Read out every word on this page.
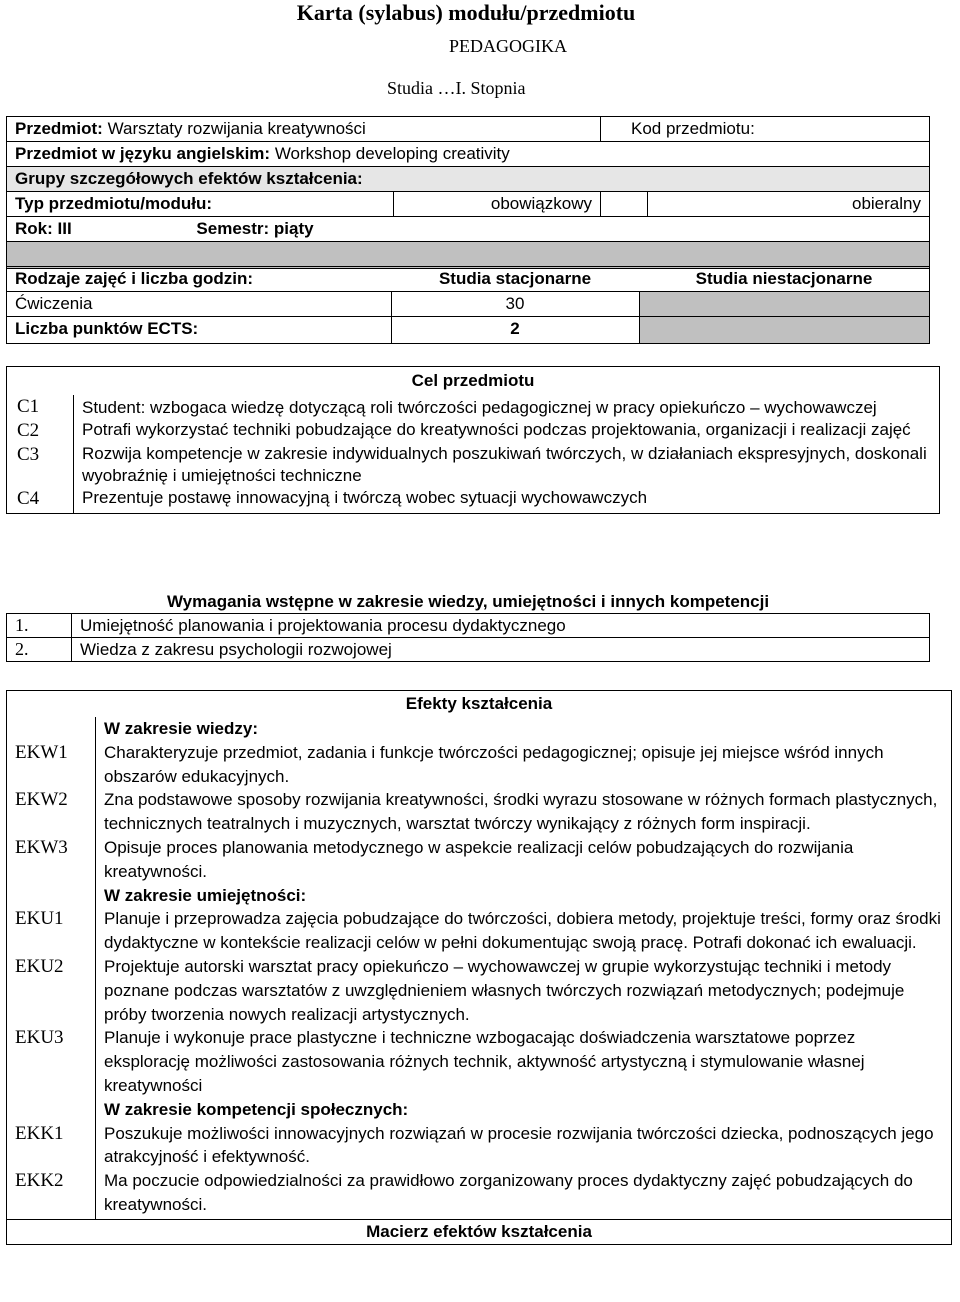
Karta (sylabus) modułu/przedmiotu
PEDAGOGIKA
Studia …I. Stopnia
Przedmiot: Warsztaty rozwijania kreatywności		Kod przedmiotu:	
Przedmiot w języku angielskim: Workshop developing creativity			
Grupy szczegółowych efektów kształcenia:			
Typ przedmiotu/modułu:	obowiązkowy		obieralny
Rok: III Semestr: piąty			

Rodzaje zajęć i liczba godzin:	Studia stacjonarne	Studia niestacjonarne
Ćwiczenia	30	
Liczba punktów ECTS:	2	
Cel przedmiotu	
C1	Student: wzbogaca wiedzę dotyczącą roli twórczości pedagogicznej w pracy opiekuńczo – wychowawczej
C2	Potrafi wykorzystać techniki pobudzające do kreatywności podczas projektowania, organizacji i realizacji zajęć
C3	Rozwija kompetencje w zakresie indywidualnych poszukiwań twórczych, w działaniach ekspresyjnych, doskonali wyobraźnię i umiejętności techniczne
C4	Prezentuje postawę innowacyjną i twórczą wobec sytuacji wychowawczych
Wymagania wstępne w zakresie wiedzy, umiejętności i innych kompetencji	
1.	Umiejętność planowania i projektowania procesu dydaktycznego
2.	Wiedza z zakresu psychologii rozwojowej
Efekty kształcenia	
	W zakresie wiedzy:
EKW1	Charakteryzuje przedmiot, zadania i funkcje twórczości pedagogicznej; opisuje jej miejsce wśród innych obszarów edukacyjnych.
EKW2	Zna podstawowe sposoby rozwijania kreatywności, środki wyrazu stosowane w różnych formach plastycznych, technicznych teatralnych i muzycznych, warsztat twórczy wynikający z różnych form inspiracji.
EKW3	Opisuje proces planowania metodycznego w aspekcie realizacji celów pobudzających do rozwijania kreatywności.
	W zakresie umiejętności:
EKU1	Planuje i przeprowadza zajęcia pobudzające do twórczości, dobiera metody, projektuje treści, formy oraz środki dydaktyczne w kontekście realizacji celów w pełni dokumentując swoją pracę. Potrafi dokonać ich ewaluacji.
EKU2	Projektuje autorski warsztat pracy opiekuńczo – wychowawczej w grupie wykorzystując techniki i metody poznane podczas warsztatów z uwzględnieniem własnych twórczych rozwiązań metodycznych; podejmuje próby tworzenia nowych realizacji artystycznych.
EKU3	Planuje i wykonuje prace plastyczne i techniczne wzbogacając doświadczenia warsztatowe poprzez eksplorację możliwości zastosowania różnych technik, aktywność artystyczną i stymulowanie własnej kreatywności
	W zakresie kompetencji społecznych:
EKK1	Poszukuje możliwości innowacyjnych rozwiązań w procesie rozwijania twórczości dziecka, podnoszących jego atrakcyjność i efektywność.
EKK2	Ma poczucie odpowiedzialności za prawidłowo zorganizowany proces dydaktyczny zajęć pobudzających do kreatywności.
Macierz efektów kształcenia	
